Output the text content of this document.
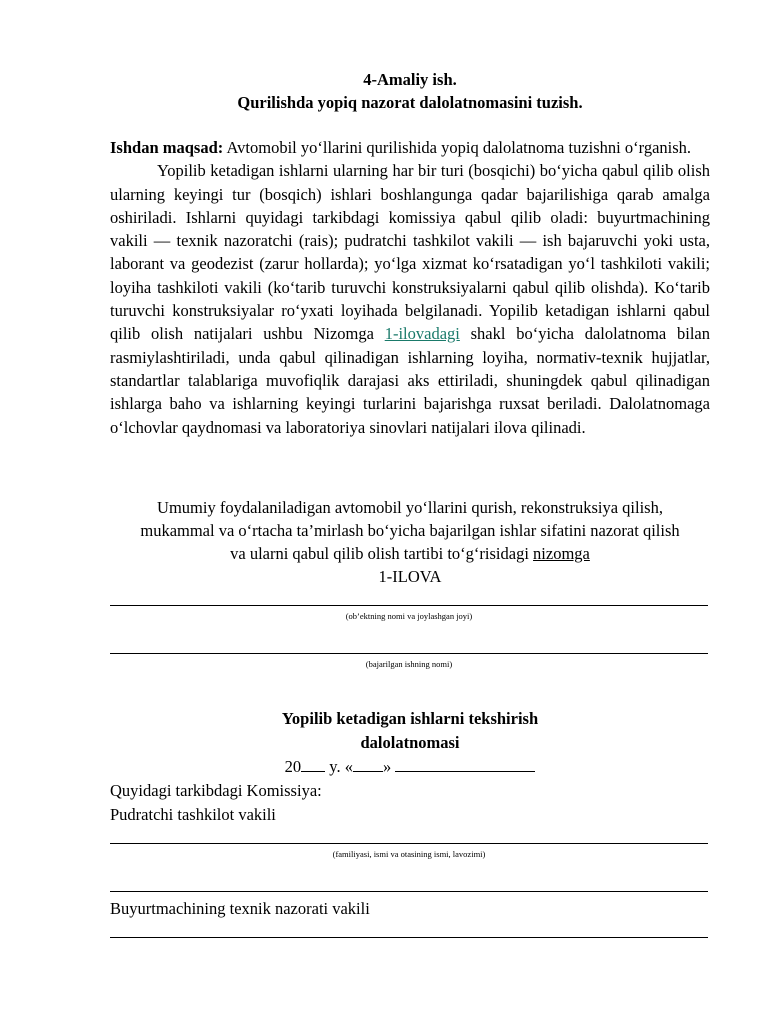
4-Amaliy ish.
Qurilishda yopiq nazorat dalolatnomasini tuzish.

Ishdan maqsad: Avtomobil yo‘llarini qurilishida yopiq dalolatnoma tuzishni o‘rganish.

Yopilib ketadigan ishlarni ularning har bir turi (bosqichi) bo‘yicha qabul qilib olish ularning keyingi tur (bosqich) ishlari boshlangunga qadar bajarilishiga qarab amalga oshiriladi. Ishlarni quyidagi tarkibdagi komissiya qabul qilib oladi: buyurtmachining vakili — texnik nazoratchi (rais); pudratchi tashkilot vakili — ish bajaruvchi yoki usta, laborant va geodezist (zarur hollarda); yo‘lga xizmat ko‘rsatadigan yo‘l tashkiloti vakili; loyiha tashkiloti vakili (ko‘tarib turuvchi konstruksiyalarni qabul qilib olishda). Ko‘tarib turuvchi konstruksiyalar ro‘yxati loyihada belgilanadi. Yopilib ketadigan ishlarni qabul qilib olish natijalari ushbu Nizomga 1-ilovadagi shakl bo‘yicha dalolatnoma bilan rasmiylashtiriladi, unda qabul qilinadigan ishlarning loyiha, normativ-texnik hujjatlar, standartlar talablariga muvofiqlik darajasi aks ettiriladi, shuningdek qabul qilinadigan ishlarga baho va ishlarning keyingi turlarini bajarishga ruxsat beriladi. Dalolatnomaga o‘lchovlar qaydnomasi va laboratoriya sinovlari natijalari ilova qilinadi.

Umumiy foydalaniladigan avtomobil yo‘llarini qurish, rekonstruksiya qilish,
mukammal va o‘rtacha ta’mirlash bo‘yicha bajarilgan ishlar sifatini nazorat qilish
va ularni qabul qilib olish tartibi to‘g‘risidagi nizomga
1-ILOVA
(ob’ektning nomi va joylashgan joyi)
(bajarilgan ishning nomi)
Yopilib ketadigan ishlarni tekshirish
dalolatnomasi
20 y. « »
Quyidagi tarkibdagi Komissiya:
Pudratchi tashkilot vakili
(familiyasi, ismi va otasining ismi, lavozimi)
Buyurtmachining texnik nazorati vakili
